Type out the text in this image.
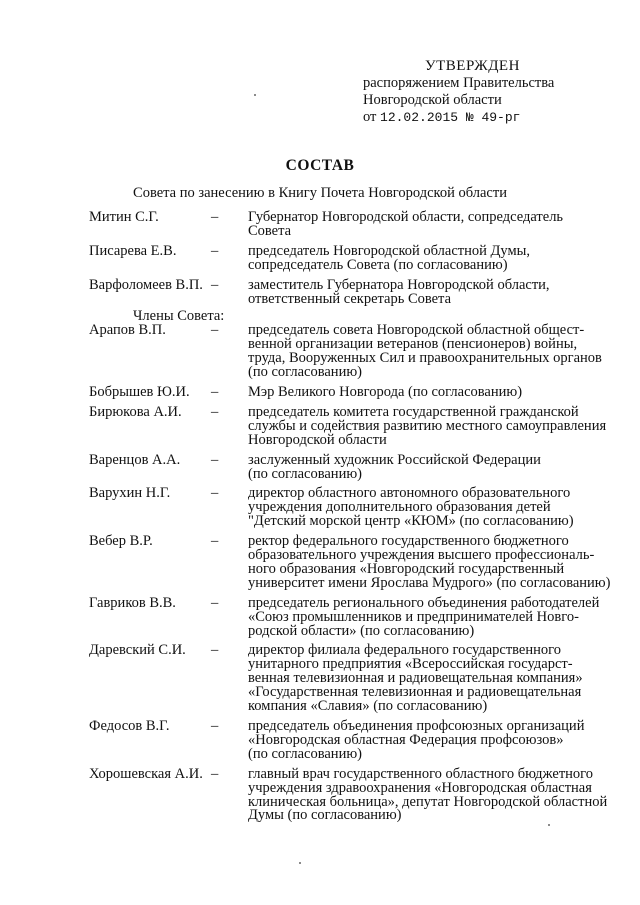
УТВЕРЖДЕН
распоряжением Правительства
Новгородской области
от 12.02.2015 № 49-рг
СОСТАВ
Совета по занесению в Книгу Почета Новгородской области
Митин С.Г.	–	Губернатор Новгородской области, сопредседатель
Совета
Писарева Е.В.	–	председатель Новгородской областной Думы,
сопредседатель Совета (по согласованию)
Варфоломеев В.П. –	заместитель Губернатора Новгородской области,
ответственный секретарь Совета
Члены Совета:
Арапов В.П.	–	председатель совета Новгородской областной общест-
венной организации ветеранов (пенсионеров) войны,
труда, Вооруженных Сил и правоохранительных органов
(по согласованию)
Бобрышев Ю.И.	–	Мэр Великого Новгорода (по согласованию)
Бирюкова А.И.	–	председатель комитета государственной гражданской
службы и содействия развитию местного самоуправления
Новгородской области
Варенцов А.А.	–	заслуженный художник Российской Федерации
(по согласованию)
Варухин Н.Г.	–	директор областного автономного образовательного
учреждения дополнительного образования детей
"Детский морской центр «КЮМ» (по согласованию)
Вебер В.Р.	–	ректор федерального государственного бюджетного
образовательного учреждения высшего профессиональ-
ного образования «Новгородский государственный
университет имени Ярослава Мудрого» (по согласованию)
Гавриков В.В.	–	председатель регионального объединения работодателей
«Союз промышленников и предпринимателей Новго-
родской области» (по согласованию)
Даревский С.И.	–	директор филиала федерального государственного
унитарного предприятия «Всероссийская государст-
венная телевизионная и радиовещательная компания»
«Государственная телевизионная и радиовещательная
компания «Славия» (по согласованию)
Федосов В.Г.	–	председатель объединения профсоюзных организаций
«Новгородская областная Федерация профсоюзов»
(по согласованию)
Хорошевская А.И. –	главный врач государственного областного бюджетного
учреждения здравоохранения «Новгородская областная
клиническая больница», депутат Новгородской областной
Думы (по согласованию)
